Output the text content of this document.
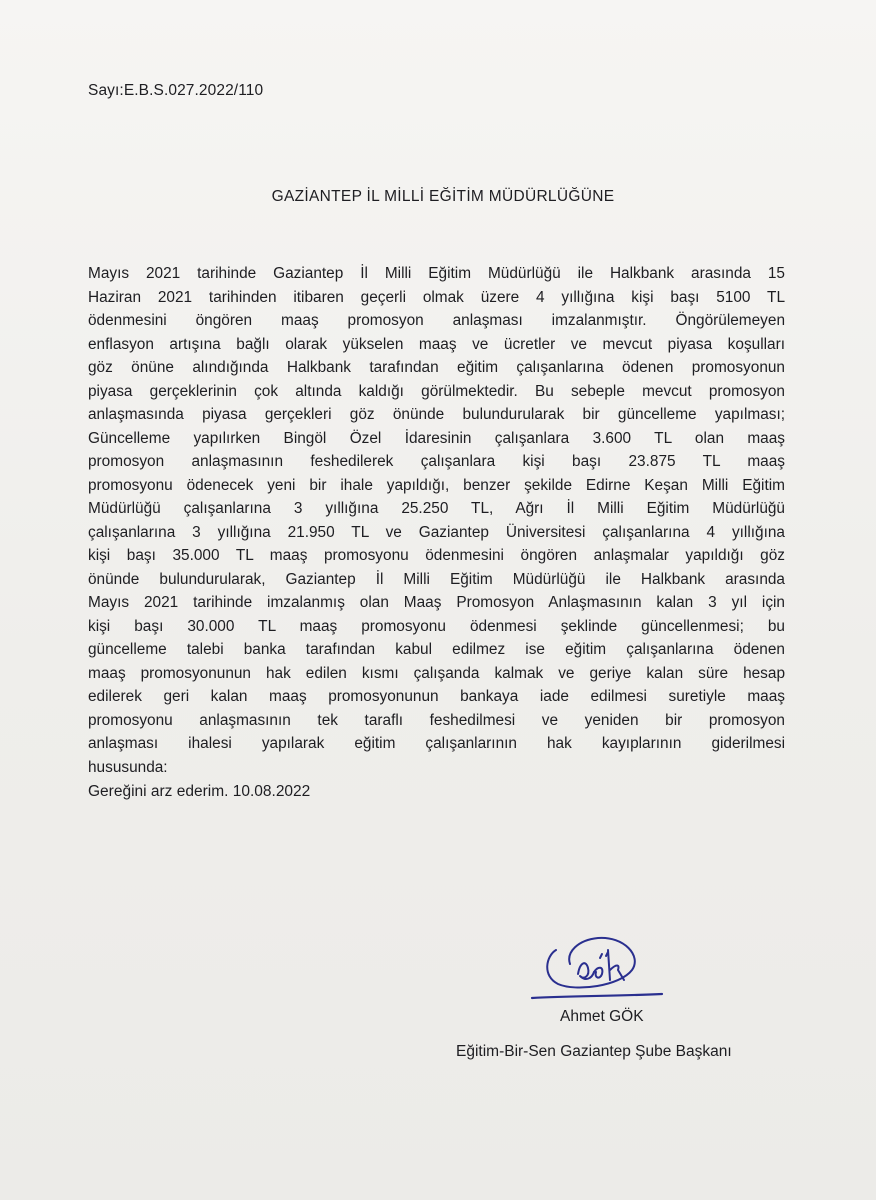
Sayı:E.B.S.027.2022/110
GAZİANTEP İL MİLLİ EĞİTİM MÜDÜRLÜĞÜNE
Mayıs 2021 tarihinde Gaziantep İl Milli Eğitim Müdürlüğü ile Halkbank arasında 15
Haziran 2021 tarihinden itibaren geçerli olmak üzere 4 yıllığına kişi başı 5100 TL
ödenmesini öngören maaş promosyon anlaşması imzalanmıştır. Öngörülemeyen
enflasyon artışına bağlı olarak yükselen maaş ve ücretler ve mevcut piyasa koşulları
göz önüne alındığında Halkbank tarafından eğitim çalışanlarına ödenen promosyonun
piyasa gerçeklerinin çok altında kaldığı görülmektedir. Bu sebeple mevcut promosyon
anlaşmasında piyasa gerçekleri göz önünde bulundurularak bir güncelleme yapılması;
Güncelleme yapılırken Bingöl Özel İdaresinin çalışanlara 3.600 TL olan maaş
promosyon anlaşmasının feshedilerek çalışanlara kişi başı 23.875 TL maaş
promosyonu ödenecek yeni bir ihale yapıldığı, benzer şekilde Edirne Keşan Milli Eğitim
Müdürlüğü çalışanlarına 3 yıllığına 25.250 TL, Ağrı İl Milli Eğitim Müdürlüğü
çalışanlarına 3 yıllığına 21.950 TL ve Gaziantep Üniversitesi çalışanlarına 4 yıllığına
kişi başı 35.000 TL maaş promosyonu ödenmesini öngören anlaşmalar yapıldığı göz
önünde bulundurularak, Gaziantep İl Milli Eğitim Müdürlüğü ile Halkbank arasında
Mayıs 2021 tarihinde imzalanmış olan Maaş Promosyon Anlaşmasının kalan 3 yıl için
kişi başı 30.000 TL maaş promosyonu ödenmesi şeklinde güncellenmesi; bu
güncelleme talebi banka tarafından kabul edilmez ise eğitim çalışanlarına ödenen
maaş promosyonunun hak edilen kısmı çalışanda kalmak ve geriye kalan süre hesap
edilerek geri kalan maaş promosyonunun bankaya iade edilmesi suretiyle maaş
promosyonu anlaşmasının tek taraflı feshedilmesi ve yeniden bir promosyon
anlaşması ihalesi yapılarak eğitim çalışanlarının hak kayıplarının giderilmesi
hususunda:
Gereğini arz ederim. 10.08.2022
Ahmet GÖK
Eğitim-Bir-Sen Gaziantep Şube Başkanı
